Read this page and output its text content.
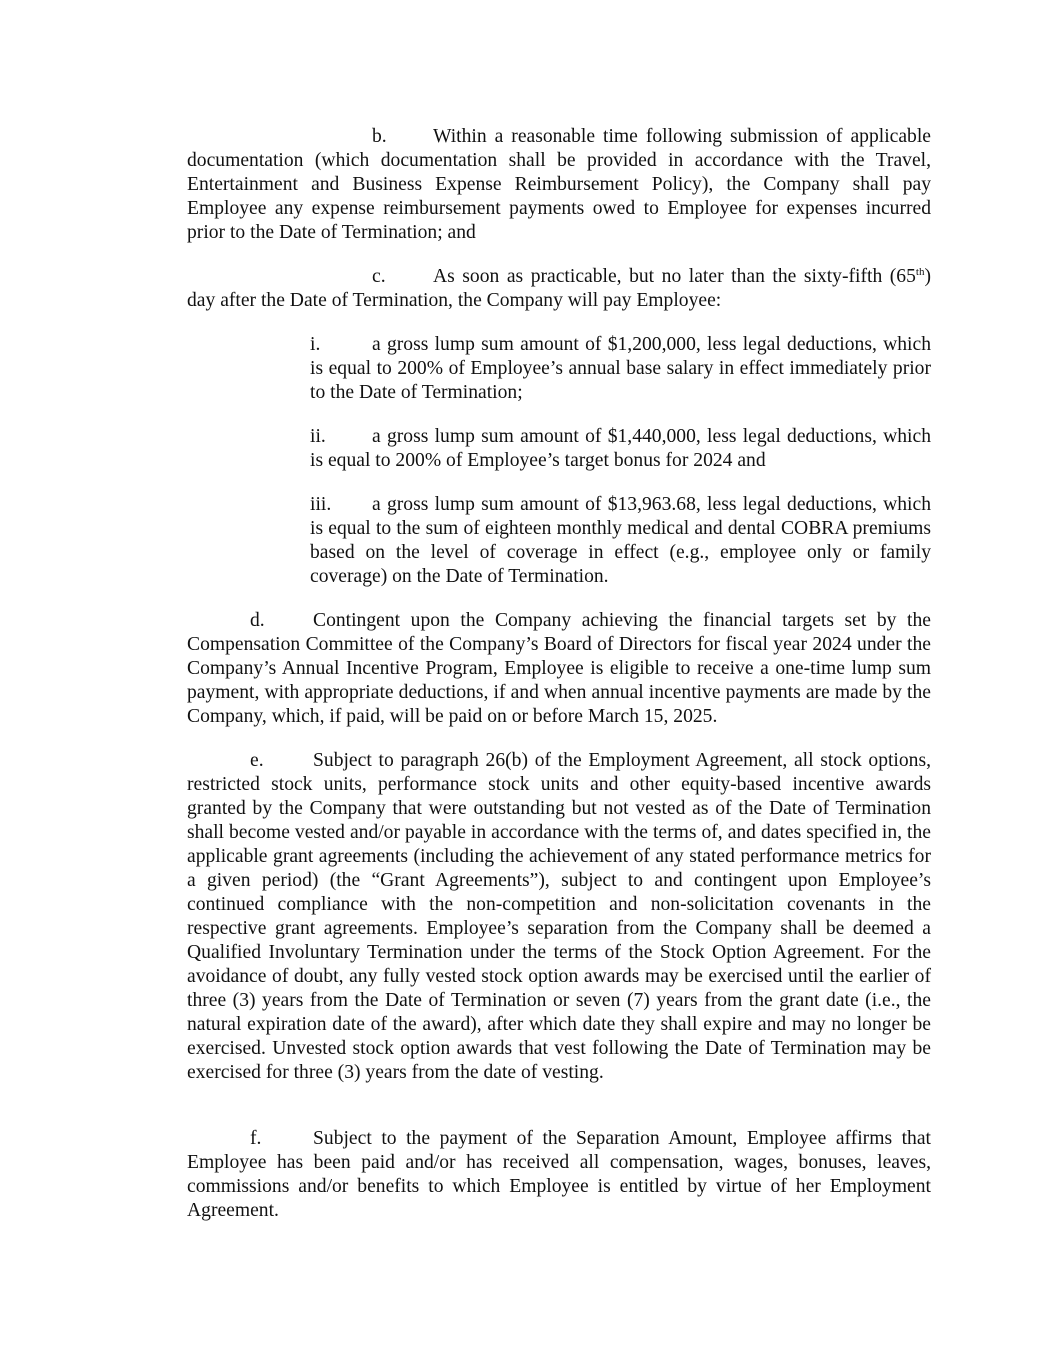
b. Within a reasonable time following submission of applicable documentation (which documentation shall be provided in accordance with the Travel, Entertainment and Business Expense Reimbursement Policy), the Company shall pay Employee any expense reimbursement payments owed to Employee for expenses incurred prior to the Date of Termination; and

c. As soon as practicable, but no later than the sixty-fifth (65th) day after the Date of Termination, the Company will pay Employee:

i.	a gross lump sum amount of $1,200,000, less legal deductions, which is equal to 200% of Employee’s annual base salary in effect immediately prior to the Date of Termination;

ii. a gross lump sum amount of $1,440,000, less legal deductions, which is equal to 200% of Employee’s target bonus for 2024 and

iii. a gross lump sum amount of $13,963.68, less legal deductions, which is equal to the sum of eighteen monthly medical and dental COBRA premiums based on the level of coverage in effect (e.g., employee only or family coverage) on the Date of Termination.

d. Contingent upon the Company achieving the financial targets set by the Compensation Committee of the Company’s Board of Directors for fiscal year 2024 under the Company’s Annual Incentive Program, Employee is eligible to receive a one-time lump sum payment, with appropriate deductions, if and when annual incentive payments are made by the Company, which, if paid, will be paid on or before March 15, 2025.

e.	Subject to paragraph 26(b) of the Employment Agreement, all stock options, restricted stock units, performance stock units and other equity-based incentive awards granted by the Company that were outstanding but not vested as of the Date of Termination shall become vested and/or payable in accordance with the terms of, and dates specified in, the applicable grant agreements (including the achievement of any stated performance metrics for a given period) (the “Grant Agreements”), subject to and contingent upon Employee’s continued compliance with the non-competition and non-solicitation covenants in the respective grant agreements. Employee’s separation from the Company shall be deemed a Qualified Involuntary Termination under the terms of the Stock Option Agreement. For the avoidance of doubt, any fully vested stock option awards may be exercised until the earlier of three (3) years from the Date of Termination or seven (7) years from the grant date (i.e., the natural expiration date of the award), after which date they shall expire and may no longer be exercised. Unvested stock option awards that vest following the Date of Termination may be exercised for three (3) years from the date of vesting.

f.	Subject to the payment of the Separation Amount, Employee affirms that Employee has been paid and/or has received all compensation, wages, bonuses, leaves, commissions and/or benefits to which Employee is entitled by virtue of her Employment Agreement.
